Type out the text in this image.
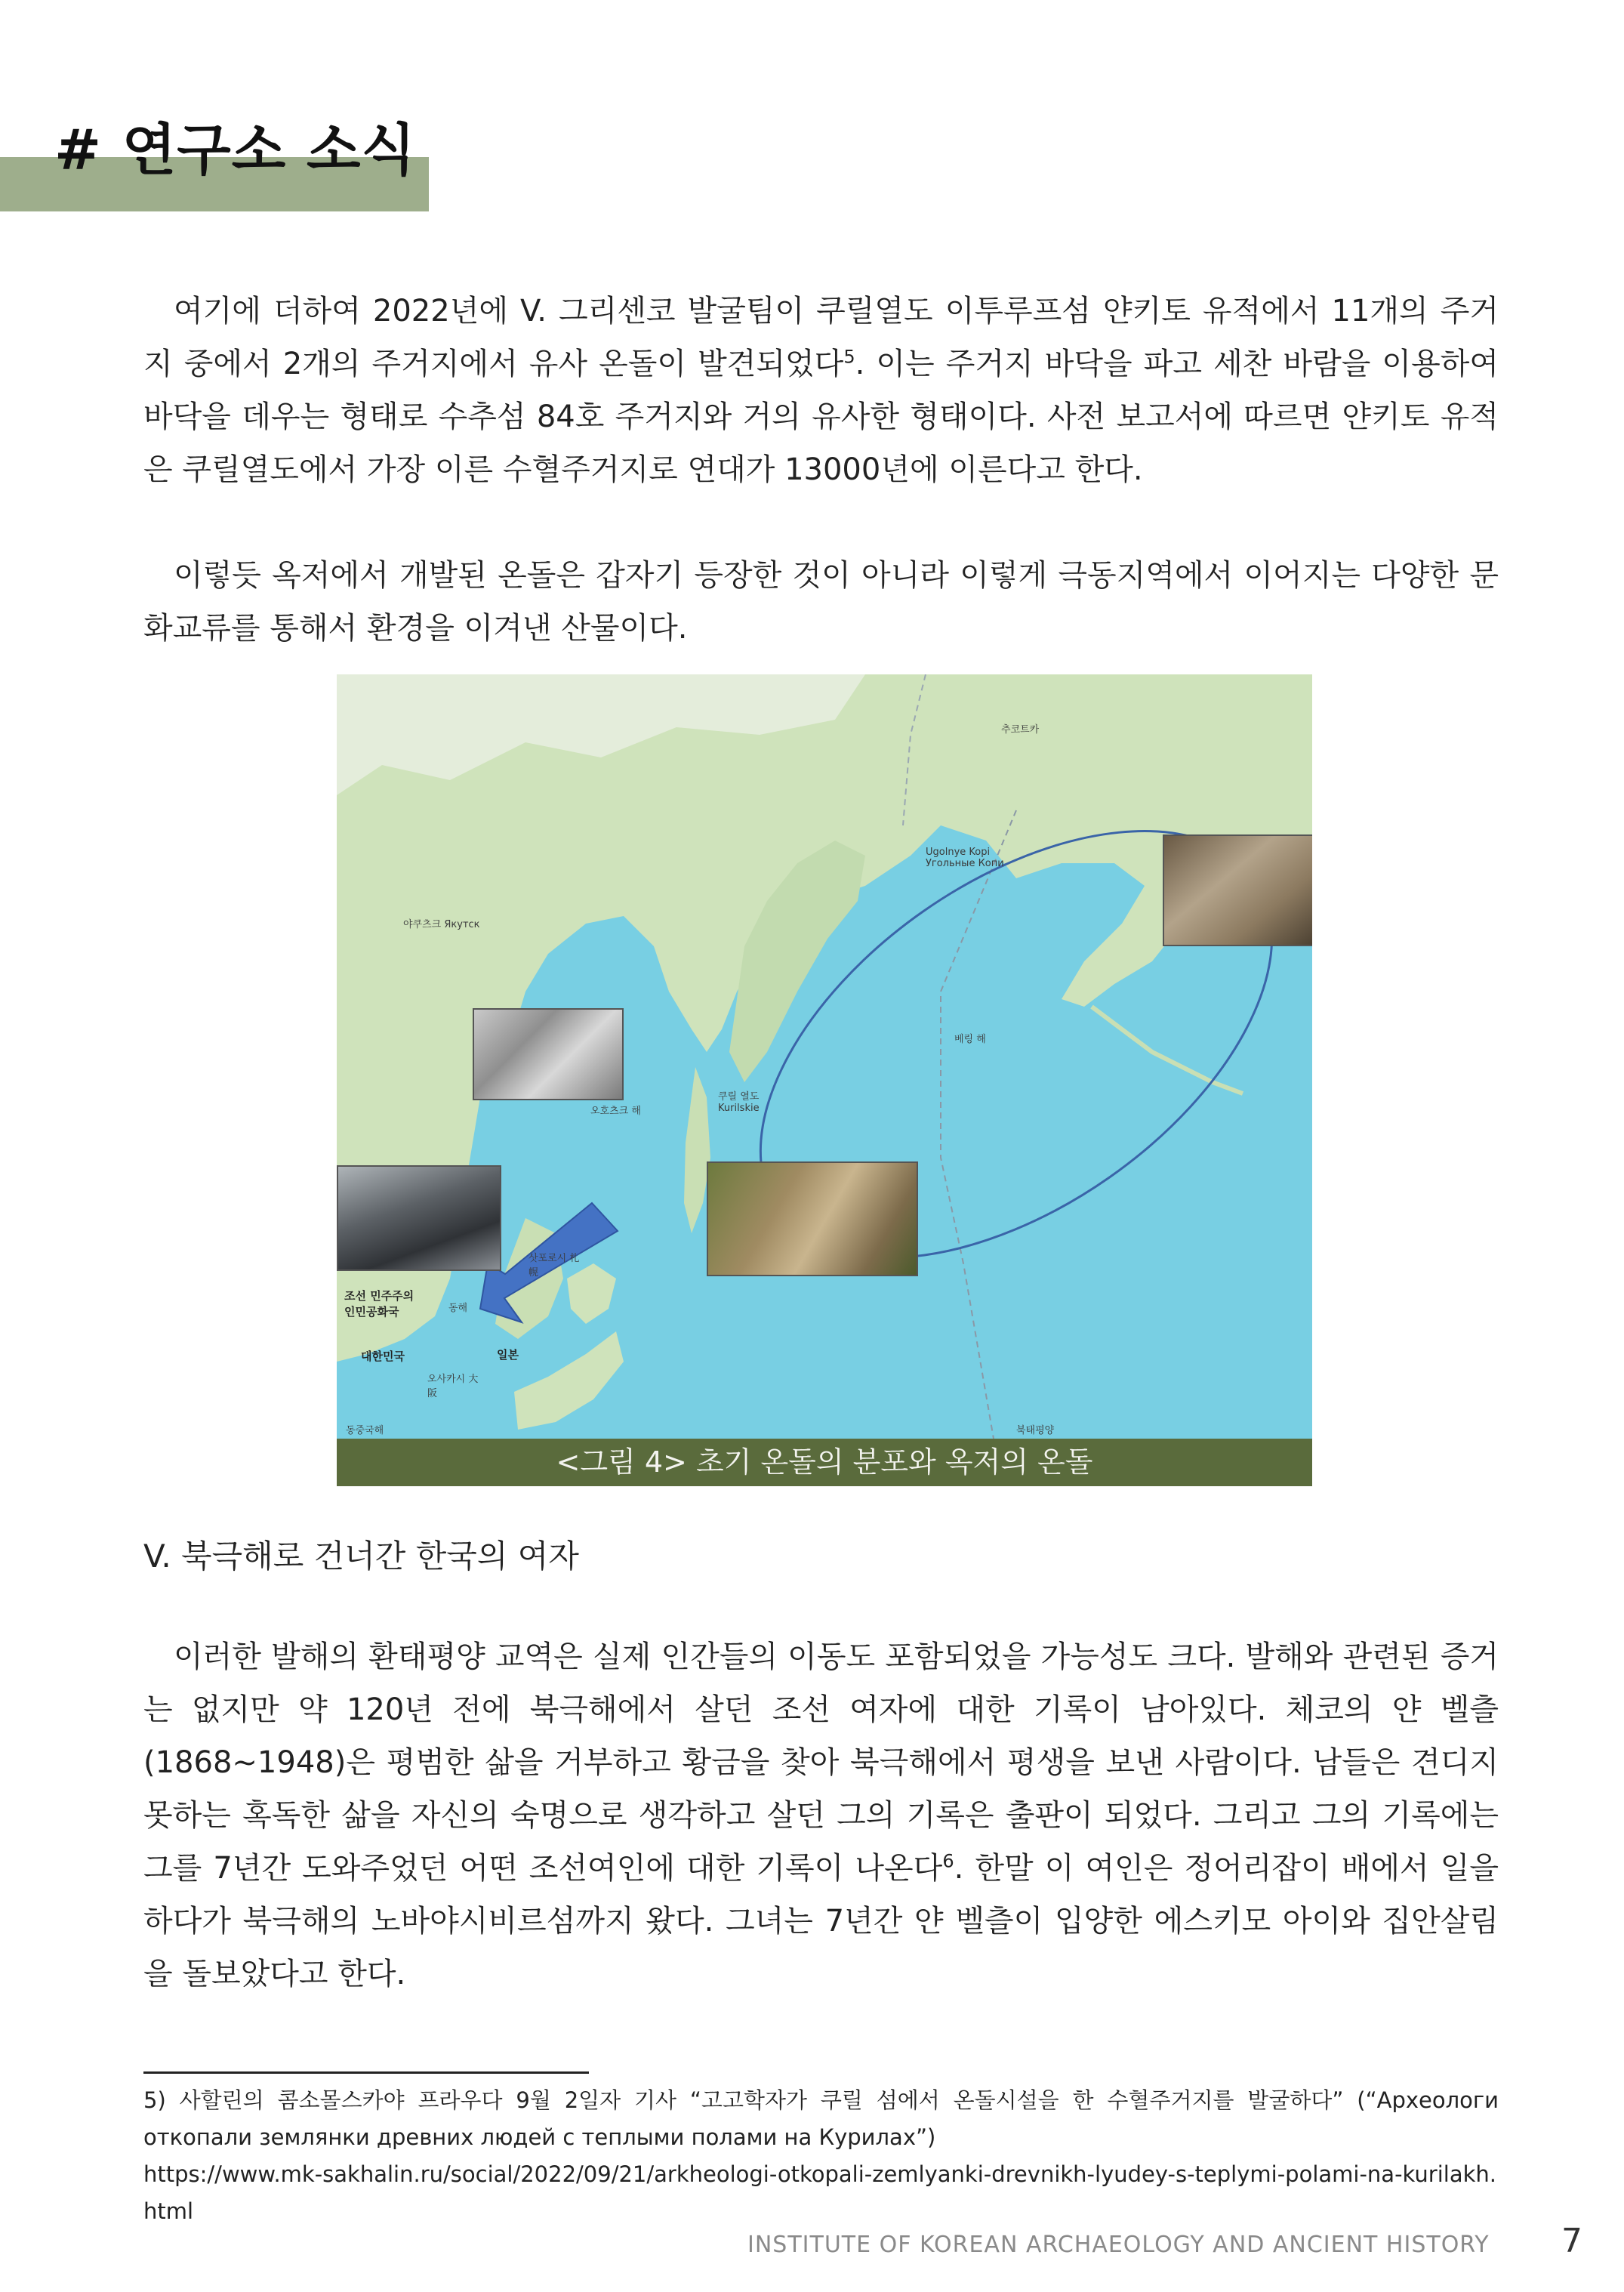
# 연구소 소식

 여기에 더하여 2022년에 V. 그리센코 발굴팀이 쿠릴열도 이투루프섬 얀키토 유적에서 11개의 주거지 중에서 2개의 주거지에서 유사 온돌이 발견되었다$^5$. 이는 주거지 바닥을 파고 세찬 바람을 이용하여 바닥을 데우는 형태로 수추섬 84호 주거지와 거의 유사한 형태이다. 사전 보고서에 따르면 얀키토 유적은 쿠릴열도에서 가장 이른 수혈주거지로 연대가 13000년에 이른다고 한다.

 이렇듯 옥저에서 개발된 온돌은 갑자기 등장한 것이 아니라 이렇게 극동지역에서 이어지는 다양한 문화교류를 통해서 환경을 이겨낸 산물이다.

야쿠츠크 Якутск
추코트카
Ugolnye Kopi Угольные Копи
베링 해
오호츠크 해
쿠릴 열도 Kurilskie
삿포로시 札幌
조선 민주주의 인민공화국	동해
대한민국	일본
오사카시 大阪
동중국해	북태평양
<그림 4> 초기 온돌의 분포와 옥저의 온돌
V. 북극해로 건너간 한국의 여자

 이러한 발해의 환태평양 교역은 실제 인간들의 이동도 포함되었을 가능성도 크다. 발해와 관련된 증거는 없지만 약 120년 전에 북극해에서 살던 조선 여자에 대한 기록이 남아있다. 체코의 얀 벨츨(1868~1948)은 평범한 삶을 거부하고 황금을 찾아 북극해에서 평생을 보낸 사람이다. 남들은 견디지 못하는 혹독한 삶을 자신의 숙명으로 생각하고 살던 그의 기록은 출판이 되었다. 그리고 그의 기록에는 그를 7년간 도와주었던 어떤 조선여인에 대한 기록이 나온다$^6$. 한말 이 여인은 정어리잡이 배에서 일을 하다가 북극해의 노바야시비르섬까지 왔다. 그녀는 7년간 얀 벨츨이 입양한 에스키모 아이와 집안살림을 돌보았다고 한다.

5) 사할린의 콤소몰스카야 프라우다 9월 2일자 기사 “고고학자가 쿠릴 섬에서 온돌시설을 한 수혈주거지를 발굴하다” (“Археологи откопали землянки древних людей с теплыми полами на Курилах”)
https://www.mk-sakhalin.ru/social/2022/09/21/arkheologi-otkopali-zemlyanki-drevnikh-lyudey-s-teplymi-polami-na-kurilakh.html
INSTITUTE OF KOREAN ARCHAEOLOGY AND ANCIENT HISTORY 7
